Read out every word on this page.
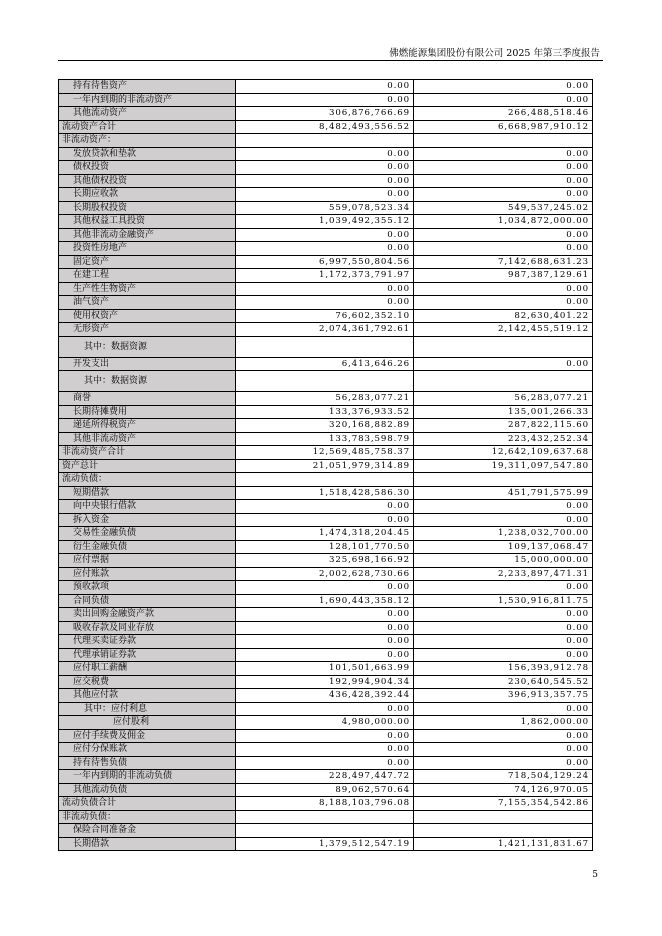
佛燃能源集团股份有限公司 2025 年第三季度报告
持有待售资产	0.00	0.00
一年内到期的非流动资产	0.00	0.00
其他流动资产	306,876,766.69	266,488,518.46
流动资产合计	8,482,493,556.52	6,668,987,910.12
非流动资产：		
发放贷款和垫款	0.00	0.00
债权投资	0.00	0.00
其他债权投资	0.00	0.00
长期应收款	0.00	0.00
长期股权投资	559,078,523.34	549,537,245.02
其他权益工具投资	1,039,492,355.12	1,034,872,000.00
其他非流动金融资产	0.00	0.00
投资性房地产	0.00	0.00
固定资产	6,997,550,804.56	7,142,688,631.23
在建工程	1,172,373,791.97	987,387,129.61
生产性生物资产	0.00	0.00
油气资产	0.00	0.00
使用权资产	76,602,352.10	82,630,401.22
无形资产	2,074,361,792.61	2,142,455,519.12
其中：数据资源		
开发支出	6,413,646.26	0.00
其中：数据资源		
商誉	56,283,077.21	56,283,077.21
长期待摊费用	133,376,933.52	135,001,266.33
递延所得税资产	320,168,882.89	287,822,115.60
其他非流动资产	133,783,598.79	223,432,252.34
非流动资产合计	12,569,485,758.37	12,642,109,637.68
资产总计	21,051,979,314.89	19,311,097,547.80
流动负债：		
短期借款	1,518,428,586.30	451,791,575.99
向中央银行借款	0.00	0.00
拆入资金	0.00	0.00
交易性金融负债	1,474,318,204.45	1,238,032,700.00
衍生金融负债	128,101,770.50	109,137,068.47
应付票据	325,698,166.92	15,000,000.00
应付账款	2,002,628,730.66	2,233,897,471.31
预收款项	0.00	0.00
合同负债	1,690,443,358.12	1,530,916,811.75
卖出回购金融资产款	0.00	0.00
吸收存款及同业存放	0.00	0.00
代理买卖证券款	0.00	0.00
代理承销证券款	0.00	0.00
应付职工薪酬	101,501,663.99	156,393,912.78
应交税费	192,994,904.34	230,640,545.52
其他应付款	436,428,392.44	396,913,357.75
其中：应付利息	0.00	0.00
应付股利	4,980,000.00	1,862,000.00
应付手续费及佣金	0.00	0.00
应付分保账款	0.00	0.00
持有待售负债	0.00	0.00
一年内到期的非流动负债	228,497,447.72	718,504,129.24
其他流动负债	89,062,570.64	74,126,970.05
流动负债合计	8,188,103,796.08	7,155,354,542.86
非流动负债：		
保险合同准备金		
长期借款	1,379,512,547.19	1,421,131,831.67
5
